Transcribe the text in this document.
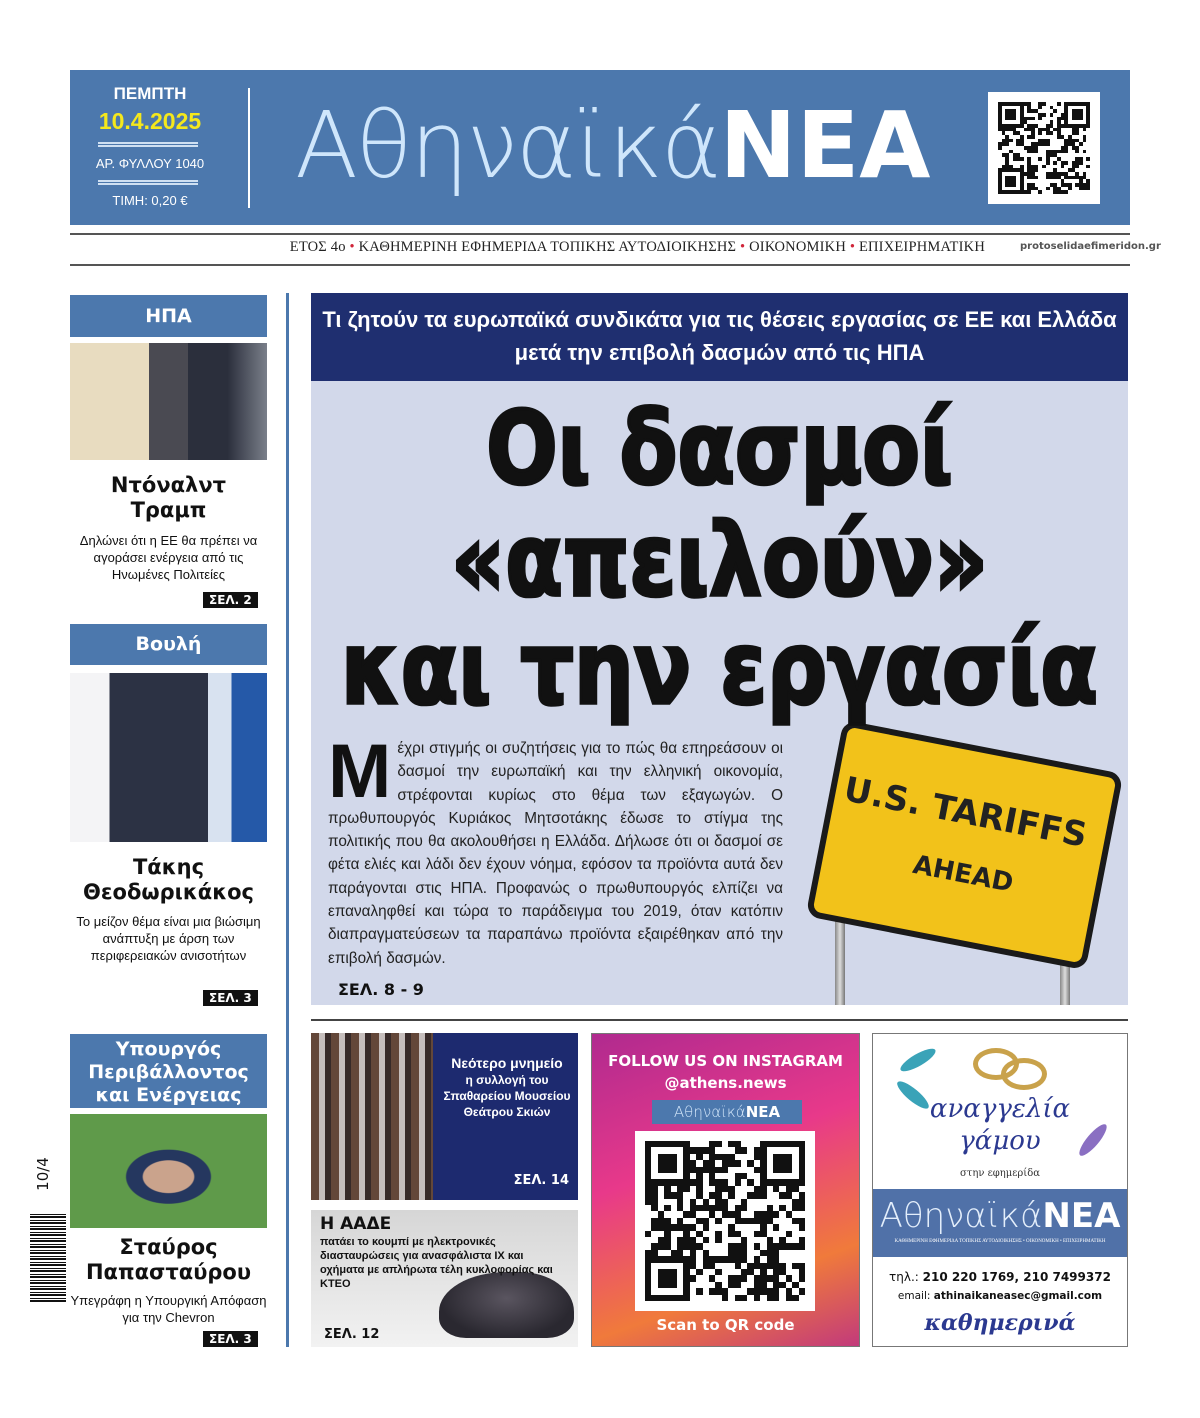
ΠΕΜΠΤΗ
10.4.2025
ΑΡ. ΦΥΛΛΟΥ 1040
ΤΙΜΗ: 0,20 €
ΑθηναϊκάΝΕΑ
ΕΤΟΣ 4ο • ΚΑΘΗΜΕΡΙΝΗ ΕΦΗΜΕΡΙΔΑ ΤΟΠΙΚΗΣ ΑΥΤΟΔΙΟΙΚΗΣΗΣ • ΟΙΚΟΝΟΜΙΚΗ • ΕΠΙΧΕΙΡΗΜΑΤΙΚΗ	protoselidaefimeridon.gr
ΗΠΑ
Ντόναλντ Τραμπ
Δηλώνει ότι η ΕΕ θα πρέπει να αγοράσει ενέργεια από τις Ηνωμένες Πολιτείες
ΣΕΛ. 2
Βουλή
Τάκης Θεοδωρικάκος
Το μείζον θέμα είναι μια βιώσιμη ανάπτυξη με άρση των περιφερειακών ανισοτήτων
ΣΕΛ. 3
Υπουργός Περιβάλλοντος και Ενέργειας
Σταύρος Παπασταύρου
Υπεγράφη η Υπουργική Απόφαση για την Chevron
ΣΕΛ. 3
10/4
Τι ζητούν τα ευρωπαϊκά συνδικάτα για τις θέσεις εργασίας σε ΕΕ και Ελλάδα μετά την επιβολή δασμών από τις ΗΠΑ
U.S. TARIFFS
AHEAD
Οι δασμοί
«απειλούν»
και την εργασία
Μέχρι στιγμής οι συζητήσεις για το πώς θα επηρεάσουν οι δασμοί την ευρωπαϊκή και την ελληνική οικονομία, στρέφονται κυρίως στο θέμα των εξαγωγών. Ο πρωθυπουργός Κυριάκος Μητσοτάκης έδωσε το στίγμα της πολιτικής που θα ακολουθήσει η Ελλάδα. Δήλωσε ότι οι δασμοί σε φέτα ελιές και λάδι δεν έχουν νόημα, εφόσον τα προϊόντα αυτά δεν παράγονται στις ΗΠΑ. Προφανώς ο πρωθυπουργός ελπίζει να επαναληφθεί και τώρα το παράδειγμα του 2019, όταν κατόπιν διαπραγματεύσεων τα παραπάνω προϊόντα εξαιρέθηκαν από την επιβολή δασμών.
ΣΕΛ. 8 - 9
Νεότερο μνημείο
η συλλογή του Σπαθαρείου Μουσείου Θεάτρου Σκιών
ΣΕΛ. 14
Η ΑΑΔΕ
πατάει το κουμπί με ηλεκτρονικές διασταυρώσεις για ανασφάλιστα ΙΧ και οχήματα με απλήρωτα τέλη κυκλοφορίας και ΚΤΕΟ
ΣΕΛ. 12
FOLLOW US ON INSTAGRAM
@athens.news
ΑθηναϊκάΝΕΑ
Scan to QR code
αναγγελία
γάμου
στην εφημερίδα
ΑθηναϊκάΝΕΑ
ΚΑΘΗΜΕΡΙΝΗ ΕΦΗΜΕΡΙΔΑ ΤΟΠΙΚΗΣ ΑΥΤΟΔΙΟΙΚΗΣΗΣ • ΟΙΚΟΝΟΜΙΚΗ • ΕΠΙΧΕΙΡΗΜΑΤΙΚΗ
τηλ.: 210 220 1769, 210 7499372
email: athinaikaneasec@gmail.com
καθημερινά
